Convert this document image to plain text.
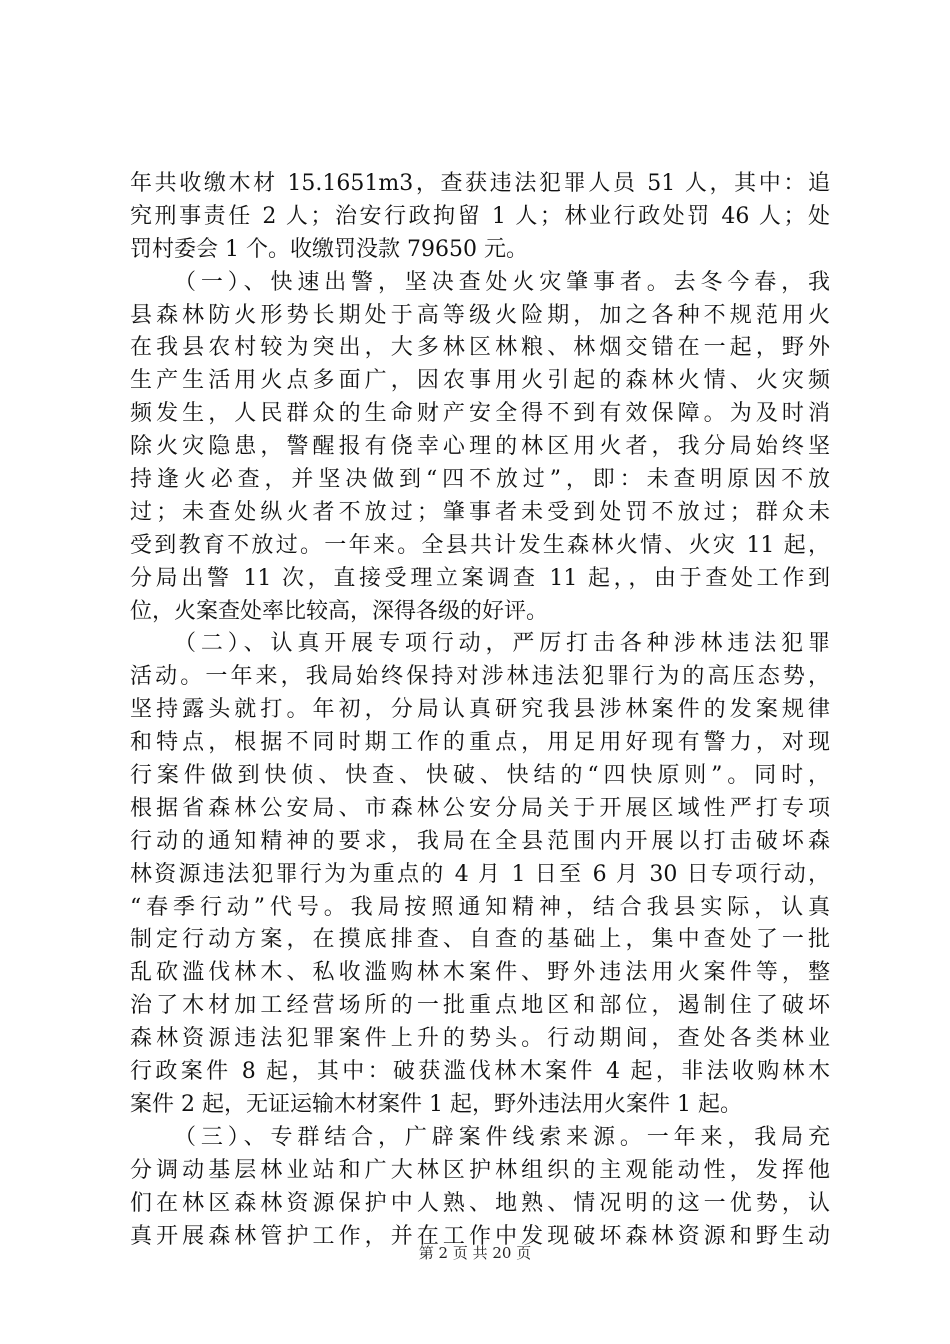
年共收缴木材 15.1651m3，查获违法犯罪人员 51 人，其中：追
究刑事责任 2 人；治安行政拘留 1 人；林业行政处罚 46 人；处
罚村委会 1 个。收缴罚没款 79650 元。
（一）、快速出警，坚决查处火灾肇事者。去冬今春，我
县森林防火形势长期处于高等级火险期，加之各种不规范用火
在我县农村较为突出，大多林区林粮、林烟交错在一起，野外
生产生活用火点多面广，因农事用火引起的森林火情、火灾频
频发生，人民群众的生命财产安全得不到有效保障。为及时消
除火灾隐患，警醒报有侥幸心理的林区用火者，我分局始终坚
持逢火必查，并坚决做到“四不放过”，即：未查明原因不放
过；未查处纵火者不放过；肇事者未受到处罚不放过；群众未
受到教育不放过。一年来。全县共计发生森林火情、火灾 11 起，
分局出警 11 次，直接受理立案调查 11 起，，由于查处工作到
位，火案查处率比较高，深得各级的好评。
（二）、认真开展专项行动，严厉打击各种涉林违法犯罪
活动。一年来，我局始终保持对涉林违法犯罪行为的高压态势，
坚持露头就打。年初，分局认真研究我县涉林案件的发案规律
和特点，根据不同时期工作的重点，用足用好现有警力，对现
行案件做到快侦、快查、快破、快结的“四快原则”。同时，
根据省森林公安局、市森林公安分局关于开展区域性严打专项
行动的通知精神的要求，我局在全县范围内开展以打击破坏森
林资源违法犯罪行为为重点的 4 月 1 日至 6 月 30 日专项行动，
“春季行动”代号。我局按照通知精神，结合我县实际，认真
制定行动方案，在摸底排查、自查的基础上，集中查处了一批
乱砍滥伐林木、私收滥购林木案件、野外违法用火案件等，整
治了木材加工经营场所的一批重点地区和部位，遏制住了破坏
森林资源违法犯罪案件上升的势头。行动期间，查处各类林业
行政案件 8 起，其中：破获滥伐林木案件 4 起，非法收购林木
案件 2 起，无证运输木材案件 1 起，野外违法用火案件 1 起。
（三）、专群结合，广辟案件线索来源。一年来，我局充
分调动基层林业站和广大林区护林组织的主观能动性，发挥他
们在林区森林资源保护中人熟、地熟、情况明的这一优势，认
真开展森林管护工作，并在工作中发现破坏森林资源和野生动
第 2 页 共 20 页
